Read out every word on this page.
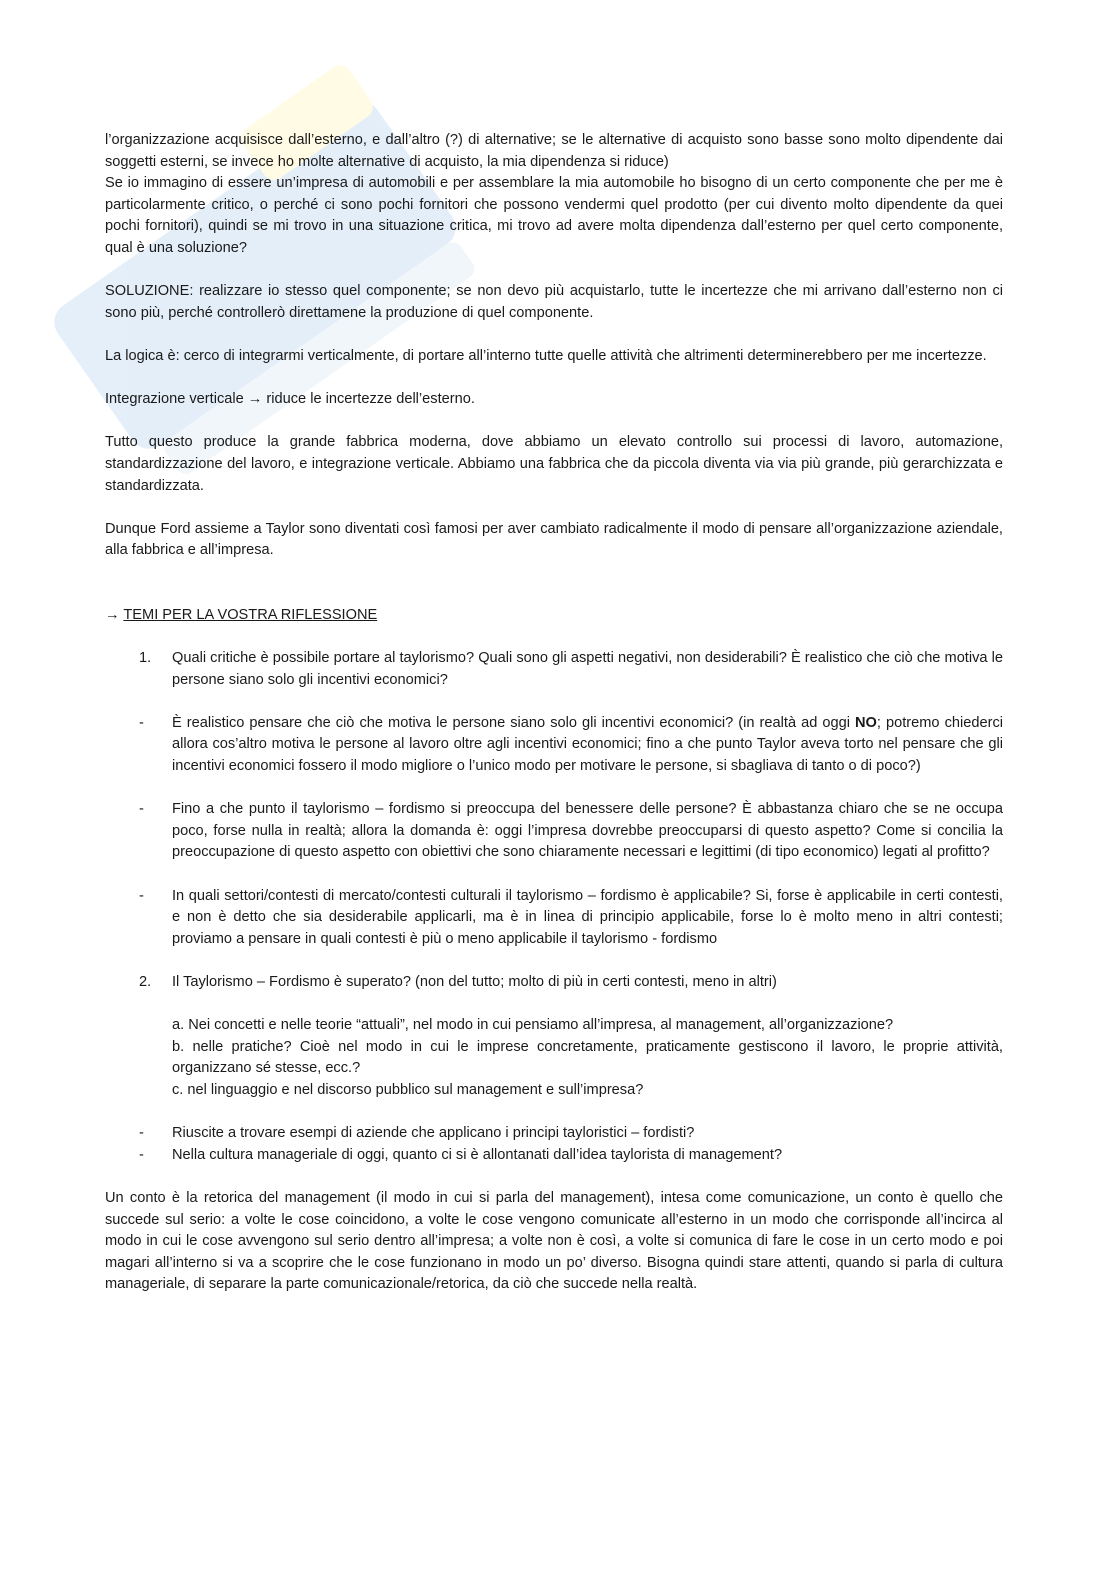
l’organizzazione acquisisce dall’esterno, e dall’altro (?) di alternative; se le alternative di acquisto sono basse sono molto dipendente dai soggetti esterni, se invece ho molte alternative di acquisto, la mia dipendenza si riduce)

Se io immagino di essere un’impresa di automobili e per assemblare la mia automobile ho bisogno di un certo componente che per me è particolarmente critico, o perché ci sono pochi fornitori che possono vendermi quel prodotto (per cui divento molto dipendente da quei pochi fornitori), quindi se mi trovo in una situazione critica, mi trovo ad avere molta dipendenza dall’esterno per quel certo componente, qual è una soluzione?

SOLUZIONE: realizzare io stesso quel componente; se non devo più acquistarlo, tutte le incertezze che mi arrivano dall’esterno non ci sono più, perché controllerò direttamene la produzione di quel componente.

La logica è: cerco di integrarmi verticalmente, di portare all’interno tutte quelle attività che altrimenti determinerebbero per me incertezze.

Integrazione verticale → riduce le incertezze dell’esterno.

Tutto questo produce la grande fabbrica moderna, dove abbiamo un elevato controllo sui processi di lavoro, automazione, standardizzazione del lavoro, e integrazione verticale. Abbiamo una fabbrica che da piccola diventa via via più grande, più gerarchizzata e standardizzata.

Dunque Ford assieme a Taylor sono diventati così famosi per aver cambiato radicalmente il modo di pensare all’organizzazione aziendale, alla fabbrica e all’impresa.

→ TEMI PER LA VOSTRA RIFLESSIONE
1. Quali critiche è possibile portare al taylorismo? Quali sono gli aspetti negativi, non desiderabili? È realistico che ciò che motiva le persone siano solo gli incentivi economici?
- È realistico pensare che ciò che motiva le persone siano solo gli incentivi economici? (in realtà ad oggi NO; potremo chiederci allora cos’altro motiva le persone al lavoro oltre agli incentivi economici; fino a che punto Taylor aveva torto nel pensare che gli incentivi economici fossero il modo migliore o l’unico modo per motivare le persone, si sbagliava di tanto o di poco?)
- Fino a che punto il taylorismo – fordismo si preoccupa del benessere delle persone? È abbastanza chiaro che se ne occupa poco, forse nulla in realtà; allora la domanda è: oggi l’impresa dovrebbe preoccuparsi di questo aspetto? Come si concilia la preoccupazione di questo aspetto con obiettivi che sono chiaramente necessari e legittimi (di tipo economico) legati al profitto?
- In quali settori/contesti di mercato/contesti culturali il taylorismo – fordismo è applicabile? Si, forse è applicabile in certi contesti, e non è detto che sia desiderabile applicarli, ma è in linea di principio applicabile, forse lo è molto meno in altri contesti; proviamo a pensare in quali contesti è più o meno applicabile il taylorismo - fordismo
2. Il Taylorismo – Fordismo è superato? (non del tutto; molto di più in certi contesti, meno in altri)
a. Nei concetti e nelle teorie “attuali”, nel modo in cui pensiamo all’impresa, al management, all’organizzazione?
b. nelle pratiche? Cioè nel modo in cui le imprese concretamente, praticamente gestiscono il lavoro, le proprie attività, organizzano sé stesse, ecc.?
c. nel linguaggio e nel discorso pubblico sul management e sull’impresa?
- Riuscite a trovare esempi di aziende che applicano i principi tayloristici – fordisti?
- Nella cultura manageriale di oggi, quanto ci si è allontanati dall’idea taylorista di management?

Un conto è la retorica del management (il modo in cui si parla del management), intesa come comunicazione, un conto è quello che succede sul serio: a volte le cose coincidono, a volte le cose vengono comunicate all’esterno in un modo che corrisponde all’incirca al modo in cui le cose avvengono sul serio dentro all’impresa; a volte non è così, a volte si comunica di fare le cose in un certo modo e poi magari all’interno si va a scoprire che le cose funzionano in modo un po’ diverso. Bisogna quindi stare attenti, quando si parla di cultura manageriale, di separare la parte comunicazionale/retorica, da ciò che succede nella realtà.
